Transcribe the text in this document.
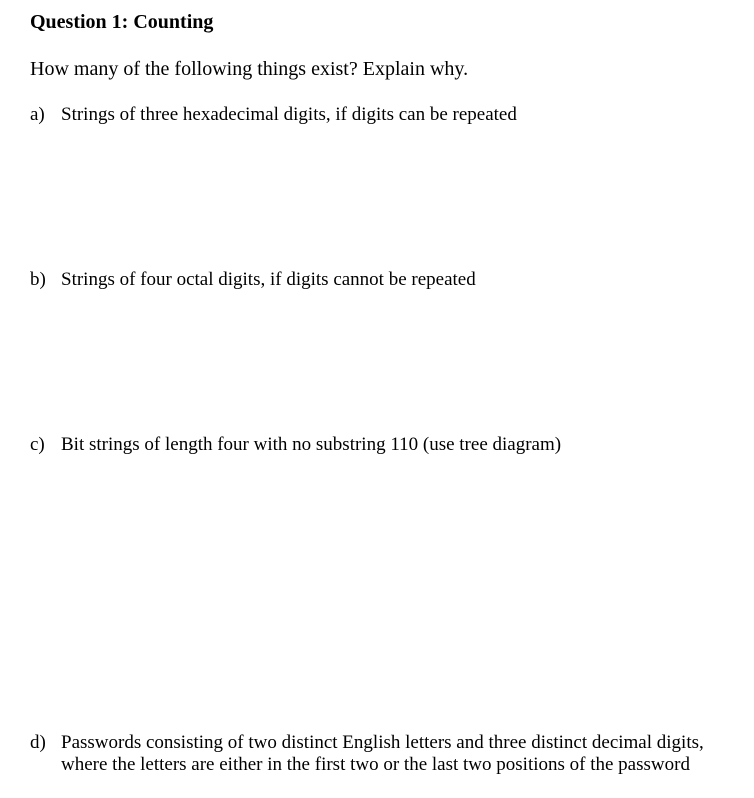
Question 1: Counting
How many of the following things exist? Explain why.
a) Strings of three hexadecimal digits, if digits can be repeated
b) Strings of four octal digits, if digits cannot be repeated
c) Bit strings of length four with no substring 110 (use tree diagram)
d) Passwords consisting of two distinct English letters and three distinct decimal digits,
where the letters are either in the first two or the last two positions of the password
